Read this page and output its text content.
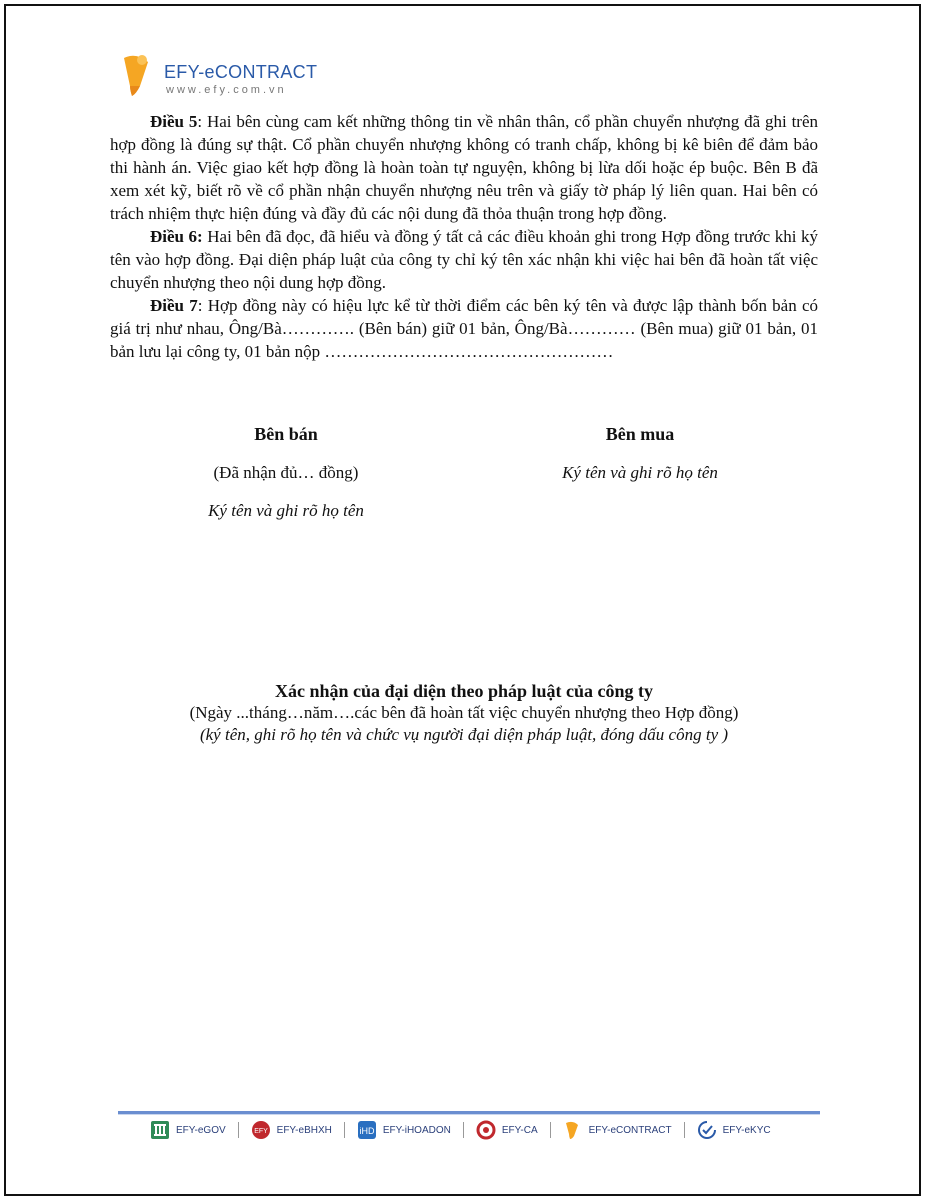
EFY-eCONTRACT
www.efy.com.vn

Điều 5: Hai bên cùng cam kết những thông tin về nhân thân, cổ phần chuyển nhượng đã ghi trên hợp đồng là đúng sự thật. Cổ phần chuyển nhượng không có tranh chấp, không bị kê biên để đảm bảo thi hành án. Việc giao kết hợp đồng là hoàn toàn tự nguyện, không bị lừa dối hoặc ép buộc. Bên B đã xem xét kỹ, biết rõ về cổ phần nhận chuyển nhượng nêu trên và giấy tờ pháp lý liên quan. Hai bên có trách nhiệm thực hiện đúng và đầy đủ các nội dung đã thỏa thuận trong hợp đồng.

Điều 6: Hai bên đã đọc, đã hiểu và đồng ý tất cả các điều khoản ghi trong Hợp đồng trước khi ký tên vào hợp đồng. Đại diện pháp luật của công ty chỉ ký tên xác nhận khi việc hai bên đã hoàn tất việc chuyển nhượng theo nội dung hợp đồng.

Điều 7: Hợp đồng này có hiệu lực kể từ thời điểm các bên ký tên và được lập thành bốn bản có giá trị như nhau, Ông/Bà…………. (Bên bán) giữ 01 bản, Ông/Bà………… (Bên mua) giữ 01 bản, 01 bản lưu lại công ty, 01 bản nộp ……………………………………………

Bên bán
(Đã nhận đủ… đồng)
Ký tên và ghi rõ họ tên
Bên mua
Ký tên và ghi rõ họ tên
Xác nhận của đại diện theo pháp luật của công ty
(Ngày ...tháng…năm….các bên đã hoàn tất việc chuyển nhượng theo Hợp đồng)
(ký tên, ghi rõ họ tên và chức vụ người đại diện pháp luật, đóng dấu công ty )
EFY-eGOV	EFY EFY-eBHXH	iHD EFY-iHOADON	EFY-CA	EFY-eCONTRACT	EFY-eKYC
